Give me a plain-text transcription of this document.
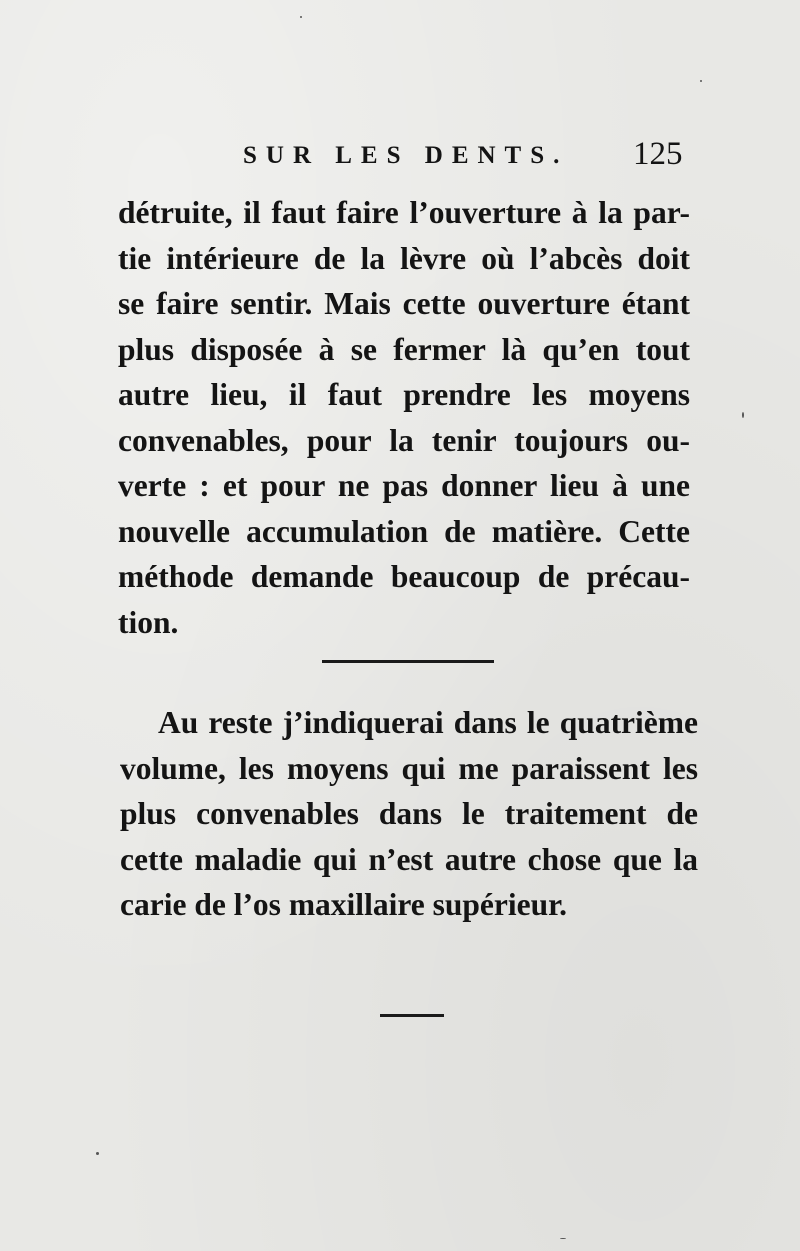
SUR LES DENTS. 125
détruite, il faut faire l’ouverture à la par-
tie intérieure de la lèvre où l’abcès doit
se faire sentir. Mais cette ouverture étant
plus disposée à se fermer là qu’en tout
autre lieu, il faut prendre les moyens
convenables, pour la tenir toujours ou-
verte : et pour ne pas donner lieu à une
nouvelle accumulation de matière. Cette
méthode demande beaucoup de précau-
tion.
Au reste j’indiquerai dans le quatrième
volume, les moyens qui me paraissent les
plus convenables dans le traitement de
cette maladie qui n’est autre chose que la
carie de l’os maxillaire supérieur.
